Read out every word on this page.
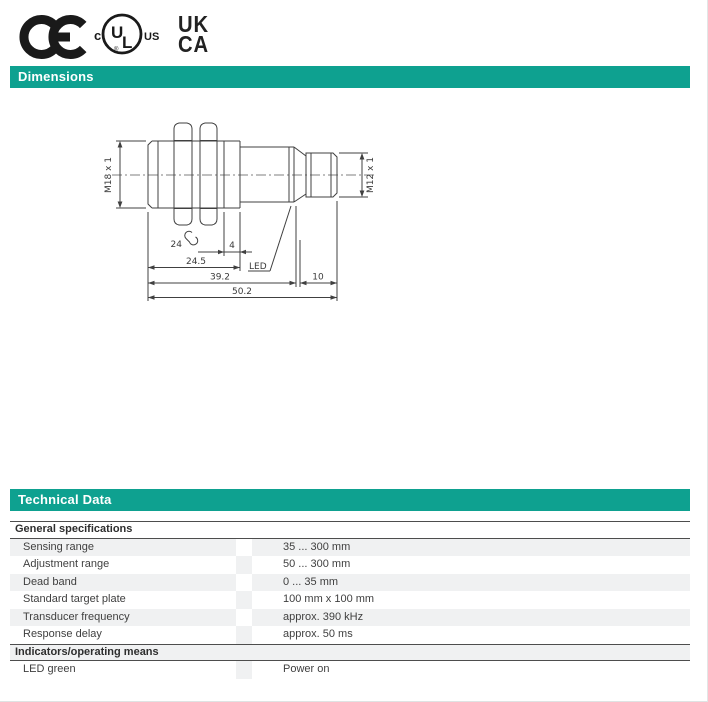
c U
L
®
US UK
CA
Dimensions
M18 x 1	M12 x 1
24	4
24.5
39.2	10
50.2
LED
Technical Data
General specifications
Sensing range	35 ... 300 mm
Adjustment range	50 ... 300 mm
Dead band	0 ... 35 mm
Standard target plate	100 mm x 100 mm
Transducer frequency	approx. 390 kHz
Response delay	approx. 50 ms
Indicators/operating means
LED green	Power on
